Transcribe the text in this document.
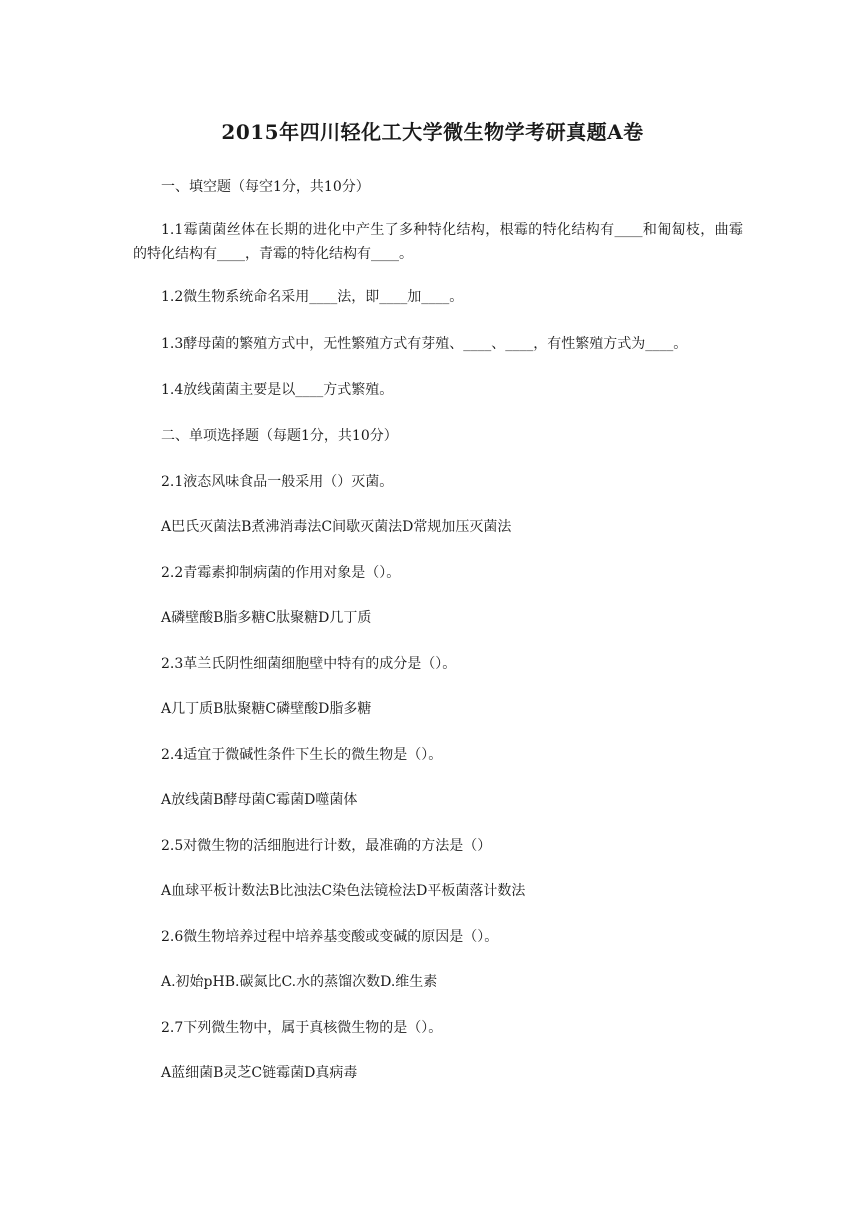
2015年四川轻化工大学微生物学考研真题A卷
一、填空题（每空1分，共10分）
1.1霉菌菌丝体在长期的进化中产生了多种特化结构，根霉的特化结构有____和匍匐枝，曲霉的特化结构有____，青霉的特化结构有____。
1.2微生物系统命名采用____法，即____加____。
1.3酵母菌的繁殖方式中，无性繁殖方式有芽殖、____、____，有性繁殖方式为____。
1.4放线菌菌主要是以____方式繁殖。
二、单项选择题（每题1分，共10分）
2.1液态风味食品一般采用（）灭菌。
A巴氏灭菌法B煮沸消毒法C间歇灭菌法D常规加压灭菌法
2.2青霉素抑制病菌的作用对象是（）。
A磷壁酸B脂多糖C肽聚糖D几丁质
2.3革兰氏阴性细菌细胞壁中特有的成分是（）。
A几丁质B肽聚糖C磷壁酸D脂多糖
2.4适宜于微碱性条件下生长的微生物是（）。
A放线菌B酵母菌C霉菌D噬菌体
2.5对微生物的活细胞进行计数，最准确的方法是（）
A血球平板计数法B比浊法C染色法镜检法D平板菌落计数法
2.6微生物培养过程中培养基变酸或变碱的原因是（）。
A.初始pHB.碳氮比C.水的蒸馏次数D.维生素
2.7下列微生物中，属于真核微生物的是（）。
A蓝细菌B灵芝C链霉菌D真病毒
